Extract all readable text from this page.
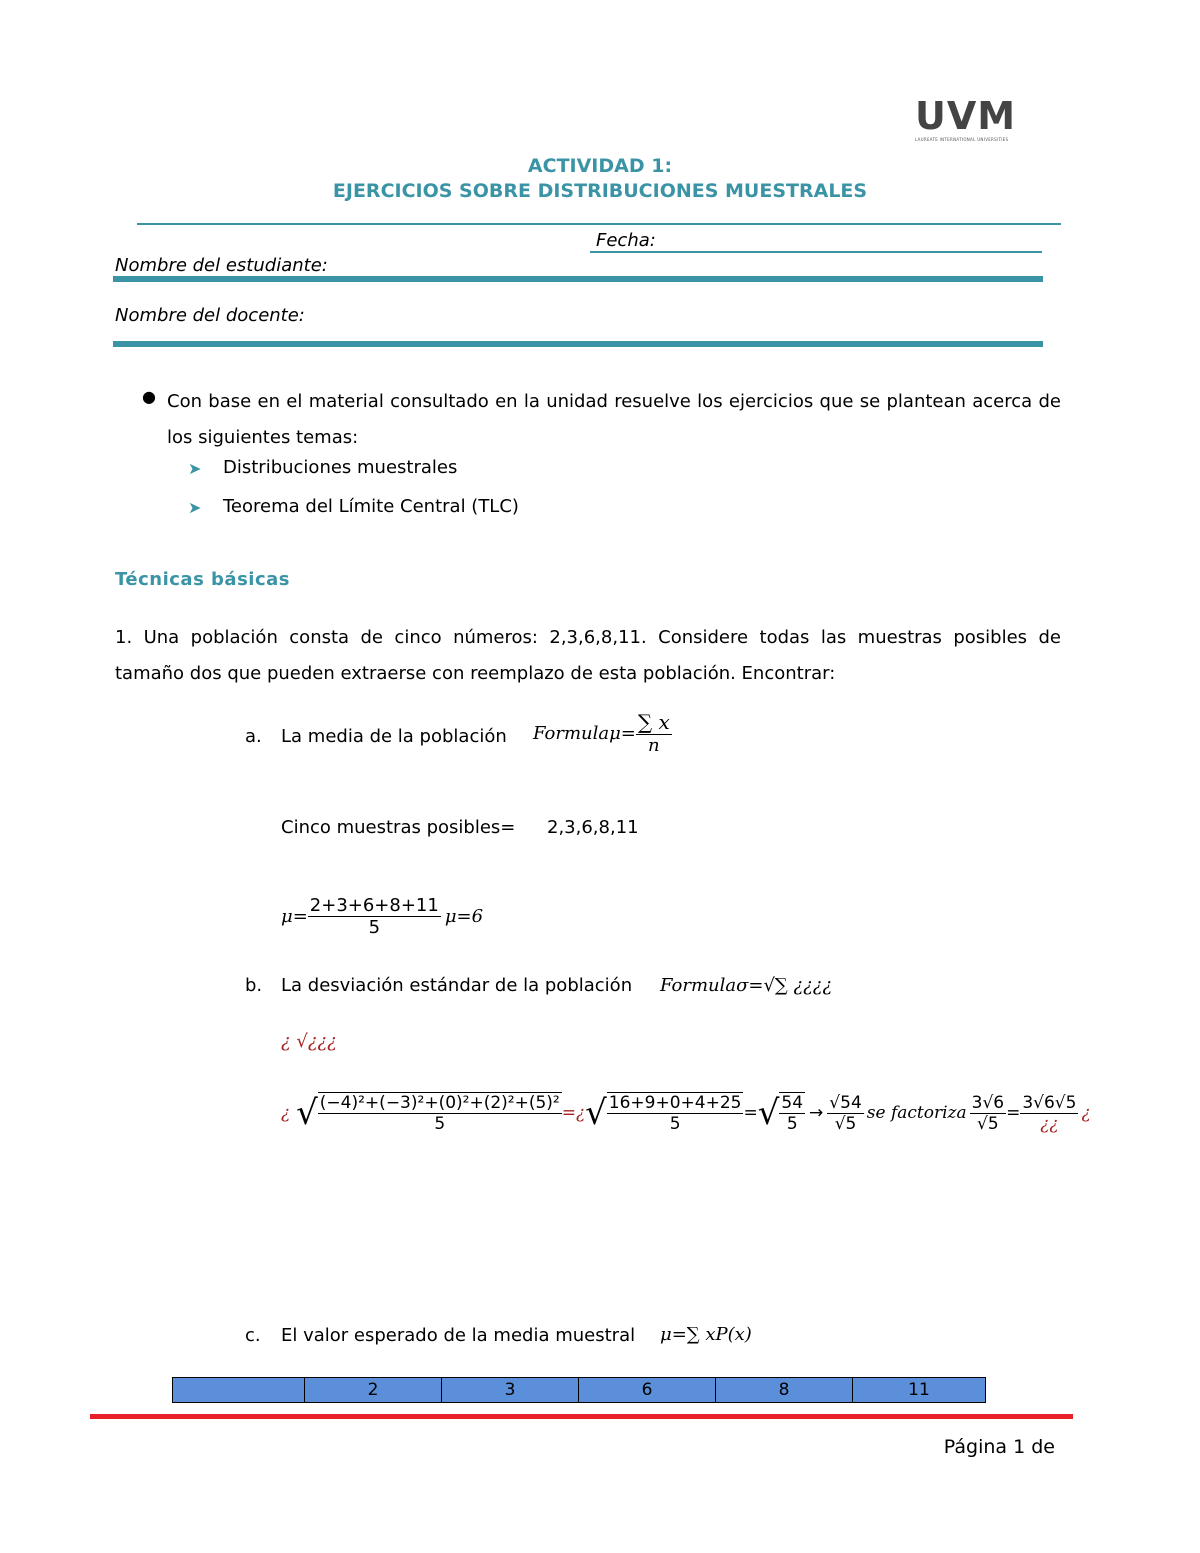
UVM
LAUREATE INTERNATIONAL UNIVERSITIES
ACTIVIDAD 1:
EJERCICIOS SOBRE DISTRIBUCIONES MUESTRALES
Fecha:
Nombre del estudiante:
Nombre del docente:
● Con base en el material consultado en la unidad resuelve los ejercicios que se plantean acerca de los siguientes temas:
➤ Distribuciones muestrales
➤ Teorema del Límite Central (TLC)
Técnicas básicas
1. Una población consta de cinco números: 2,3,6,8,11. Considere todas las muestras posibles de tamaño dos que pueden extraerse con reemplazo de esta población. Encontrar:
a. La media de la población Formulaμ= $\frac{\sum x}{n}$
Cinco muestras posibles= 2,3,6,8,11
$\mu= \frac{2+3+6+8+11}{5} \mu=6$
b. La desviación estándar de la población Formulaσ=√∑ ¿¿¿¿
¿ √¿¿¿
¿ √ $\frac{\text{(−4)²+(−3)²+(0)²+(2)²+(5)²}}{5}$ =¿ √ $\frac{16+9+0+4+25}{5}$ = √ $\frac{54}{5} \to \frac{√54}{√5}$ se factoriza $\frac{3√6}{√5} = \frac{3√6√5}{¿¿}$ ¿
c. El valor esperado de la media muestral μ=∑ xP(x)
	2	3	6	8	11
Página 1 de
